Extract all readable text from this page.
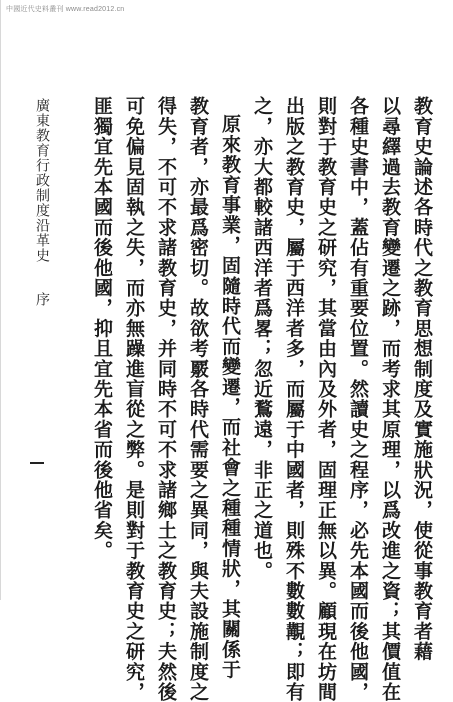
中國近代史料叢刊 www.read2012.cn
教育史論述各時代之教育思想制度及實施狀況，使從事教育者藉
以尋繹過去教育變遷之跡，而考求其原理，以爲改進之資；其價值在
各種史書中，蓋佔有重要位置。然讀史之程序，必先本國而後他國，
則對于教育史之研究，其當由內及外者，固理正無以異。顧現在坊間
出版之教育史，屬于西洋者多，而屬于中國者，則殊不數數覯；即有
之，亦大都較諸西洋者爲畧；忽近鶩遠，非正之道也。
原來教育事業，固隨時代而變遷，而社會之種種情狀，其關係于
教育者，亦最爲密切。故欲考覈各時代需要之異同，與夫設施制度之
得失，不可不求諸教育史，并同時不可不求諸鄉土之教育史；夫然後
可免偏見固執之失，而亦無躁進盲從之弊。是則對于教育史之研究，
匪獨宜先本國而後他國，抑且宜先本省而後他省矣。
廣東教育行政制度沿革史
序
